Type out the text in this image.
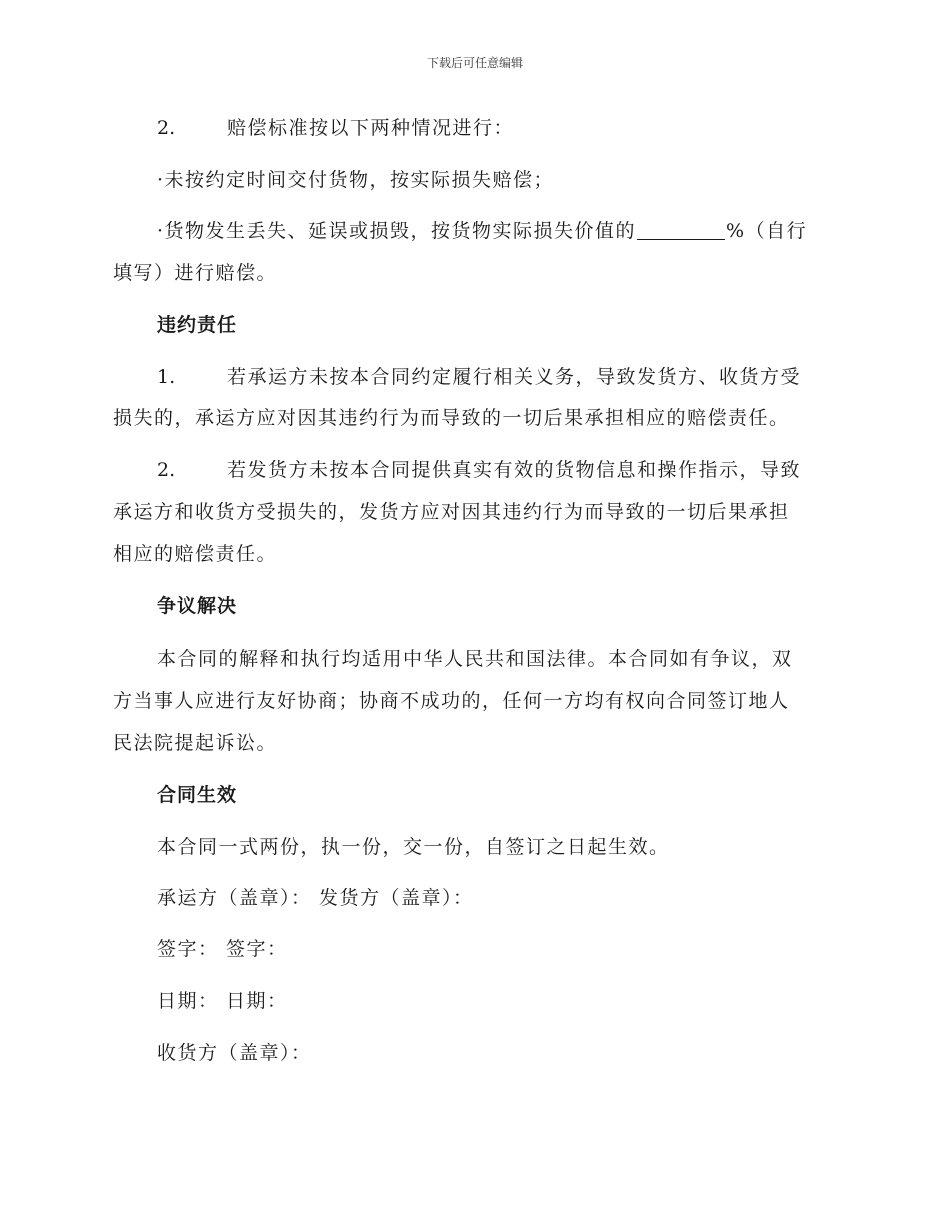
下载后可任意编辑
2.	赔偿标准按以下两种情况进行：
·未按约定时间交付货物，按实际损失赔偿；
·货物发生丢失、延误或损毁，按货物实际损失价值的	%（自行
填写）进行赔偿。
违约责任
1.	若承运方未按本合同约定履行相关义务，导致发货方、收货方受
损失的，承运方应对因其违约行为而导致的一切后果承担相应的赔偿责任。
2.	若发货方未按本合同提供真实有效的货物信息和操作指示，导致
承运方和收货方受损失的，发货方应对因其违约行为而导致的一切后果承担
相应的赔偿责任。
争议解决
本合同的解释和执行均适用中华人民共和国法律。本合同如有争议，双
方当事人应进行友好协商；协商不成功的，任何一方均有权向合同签订地人
民法院提起诉讼。
合同生效
本合同一式两份，执一份，交一份，自签订之日起生效。
承运方（盖章）： 发货方（盖章）：
签字： 签字：
日期： 日期：
收货方（盖章）：
